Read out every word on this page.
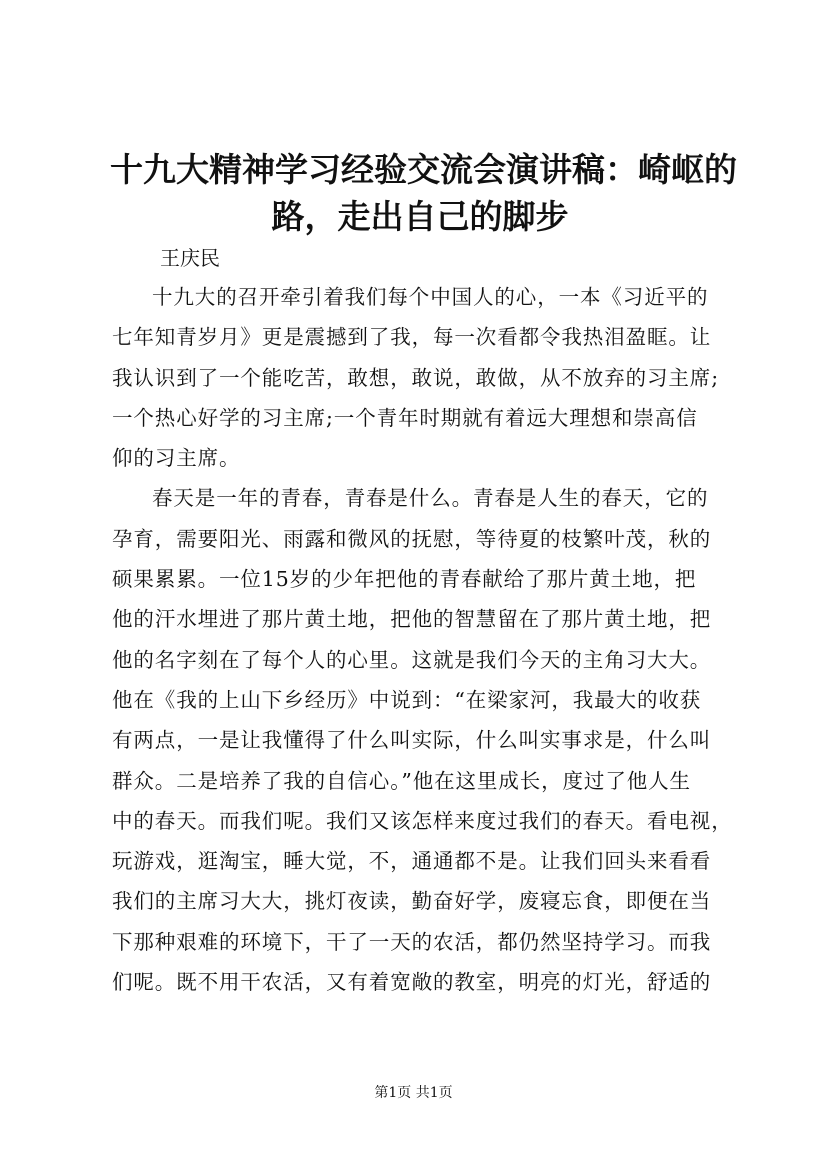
十九大精神学习经验交流会演讲稿：崎岖的
路，走出自己的脚步
王庆民
十九大的召开牵引着我们每个中国人的心，一本《习近平的
七年知青岁月》更是震撼到了我，每一次看都令我热泪盈眶。让
我认识到了一个能吃苦，敢想，敢说，敢做，从不放弃的习主席;
一个热心好学的习主席;一个青年时期就有着远大理想和崇高信
仰的习主席。
春天是一年的青春，青春是什么。青春是人生的春天，它的
孕育，需要阳光、雨露和微风的抚慰，等待夏的枝繁叶茂，秋的
硕果累累。一位15岁的少年把他的青春献给了那片黄土地，把
他的汗水埋进了那片黄土地，把他的智慧留在了那片黄土地，把
他的名字刻在了每个人的心里。这就是我们今天的主角习大大。
他在《我的上山下乡经历》中说到：“在梁家河，我最大的收获
有两点，一是让我懂得了什么叫实际，什么叫实事求是，什么叫
群众。二是培养了我的自信心。”他在这里成长，度过了他人生
中的春天。而我们呢。我们又该怎样来度过我们的春天。看电视，
玩游戏，逛淘宝，睡大觉，不，通通都不是。让我们回头来看看
我们的主席习大大，挑灯夜读，勤奋好学，废寝忘食，即便在当
下那种艰难的环境下，干了一天的农活，都仍然坚持学习。而我
们呢。既不用干农活，又有着宽敞的教室，明亮的灯光，舒适的
第1页 共1页
